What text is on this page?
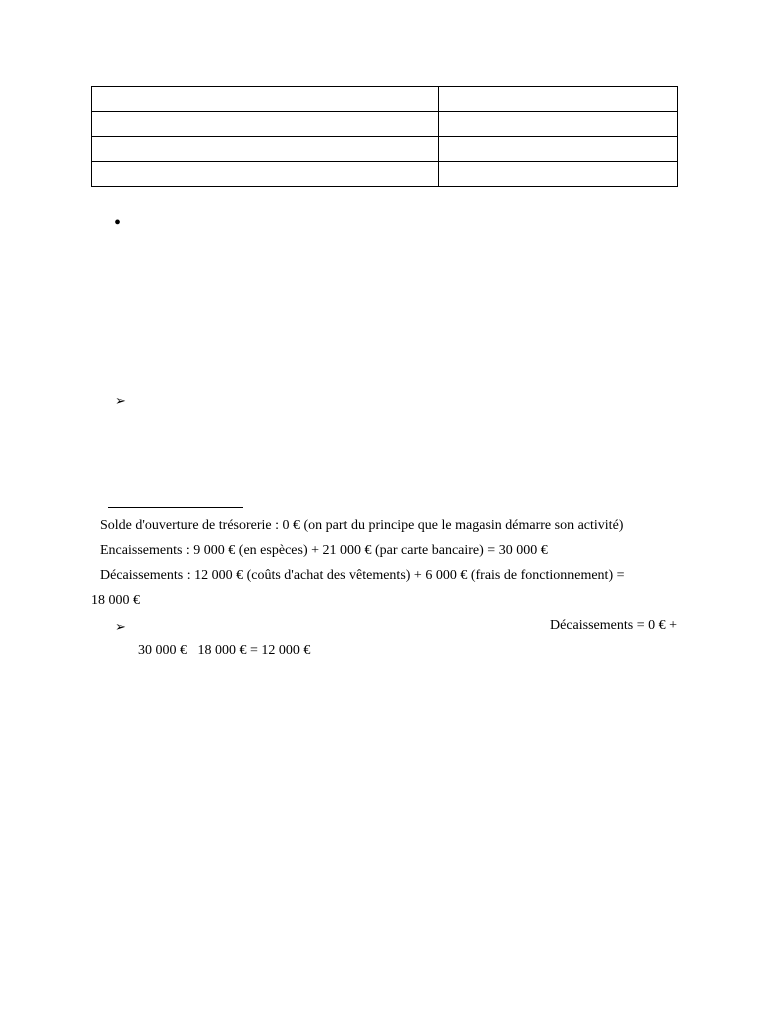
•
➢
Solde d'ouverture de trésorerie : 0 € (on part du principe que le magasin démarre son activité)
Encaissements : 9 000 € (en espèces) + 21 000 € (par carte bancaire) = 30 000 €
Décaissements : 12 000 € (coûts d'achat des vêtements) + 6 000 € (frais de fonctionnement) =
18 000 €
➢	Décaissements = 0 € +
30 000 €   18 000 € = 12 000 €
